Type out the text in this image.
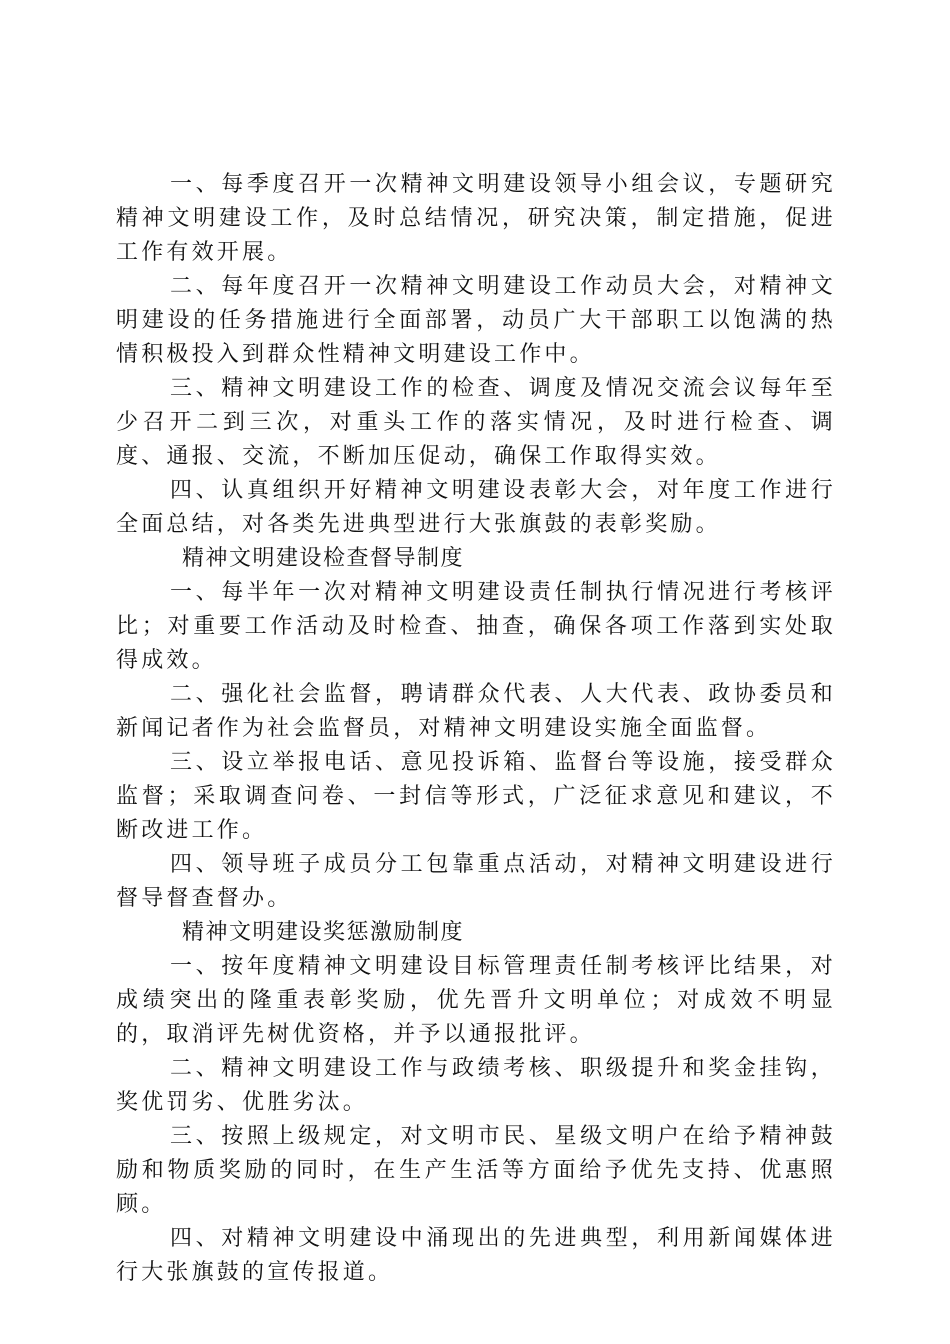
一、每季度召开一次精神文明建设领导小组会议，专题研究精神文明建设工作，及时总结情况，研究决策，制定措施，促进工作有效开展。

二、每年度召开一次精神文明建设工作动员大会，对精神文明建设的任务措施进行全面部署，动员广大干部职工以饱满的热情积极投入到群众性精神文明建设工作中。

三、精神文明建设工作的检查、调度及情况交流会议每年至少召开二到三次，对重头工作的落实情况，及时进行检查、调度、通报、交流，不断加压促动，确保工作取得实效。

四、认真组织开好精神文明建设表彰大会，对年度工作进行全面总结，对各类先进典型进行大张旗鼓的表彰奖励。

精神文明建设检查督导制度

一、每半年一次对精神文明建设责任制执行情况进行考核评比；对重要工作活动及时检查、抽查，确保各项工作落到实处取得成效。

二、强化社会监督，聘请群众代表、人大代表、政协委员和新闻记者作为社会监督员，对精神文明建设实施全面监督。

三、设立举报电话、意见投诉箱、监督台等设施，接受群众监督；采取调查问卷、一封信等形式，广泛征求意见和建议，不断改进工作。

四、领导班子成员分工包靠重点活动，对精神文明建设进行督导督查督办。

精神文明建设奖惩激励制度

一、按年度精神文明建设目标管理责任制考核评比结果，对成绩突出的隆重表彰奖励，优先晋升文明单位；对成效不明显的，取消评先树优资格，并予以通报批评。

二、精神文明建设工作与政绩考核、职级提升和奖金挂钩，奖优罚劣、优胜劣汰。

三、按照上级规定，对文明市民、星级文明户在给予精神鼓励和物质奖励的同时，在生产生活等方面给予优先支持、优惠照顾。

四、对精神文明建设中涌现出的先进典型，利用新闻媒体进行大张旗鼓的宣传报道。
